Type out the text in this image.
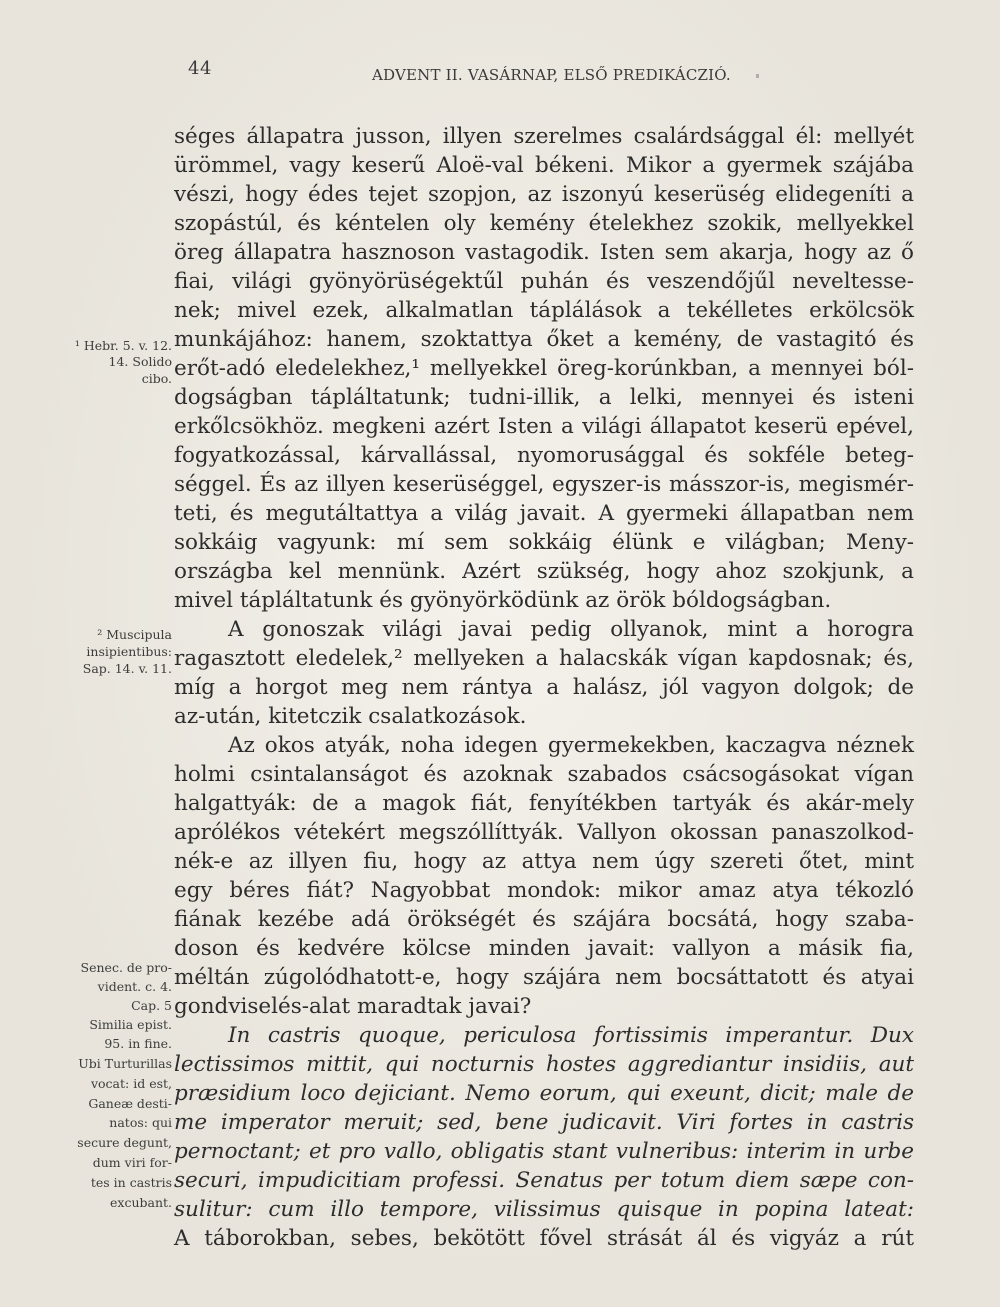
44	ADVENT II. VASÁRNAP, ELSŐ PREDIKÁCZIÓ.
séges állapatra jusson, illyen szerelmes csalárdsággal él: mellyét
ürömmel, vagy keserű Aloë-val békeni. Mikor a gyermek szájába
vészi, hogy édes tejet szopjon, az iszonyú keserüség elidegeníti a
szopástúl, és kéntelen oly kemény ételekhez szokik, mellyekkel
öreg állapatra hasznoson vastagodik. Isten sem akarja, hogy az ő
fiai, világi gyönyörüségektűl puhán és veszendőjűl neveltesse-
nek; mivel ezek, alkalmatlan táplálások a tekélletes erkölcsök
munkájához: hanem, szoktattya őket a kemény, de vastagitó és
erőt-adó eledelekhez,¹ mellyekkel öreg-korúnkban, a mennyei ból-
dogságban tápláltatunk; tudni-illik, a lelki, mennyei és isteni
erkőlcsökhöz. megkeni azért Isten a világi állapatot keserü epével,
fogyatkozással, kárvallással, nyomorusággal és sokféle beteg-
séggel. És az illyen keserüséggel, egyszer-is másszor-is, megismér-
teti, és megutáltattya a világ javait. A gyermeki állapatban nem
sokkáig vagyunk: mí sem sokkáig élünk e világban; Meny-
országba kel mennünk. Azért szükség, hogy ahoz szokjunk, a
mivel tápláltatunk és gyönyörködünk az örök bóldogságban.
A gonoszak világi javai pedig ollyanok, mint a horogra
ragasztott eledelek,² mellyeken a halacskák vígan kapdosnak; és,
míg a horgot meg nem rántya a halász, jól vagyon dolgok; de
az-után, kitetczik csalatkozások.
Az okos atyák, noha idegen gyermekekben, kaczagva néznek
holmi csintalanságot és azoknak szabados csácsogásokat vígan
halgattyák: de a magok fiát, fenyítékben tartyák és akár-mely
aprólékos vétekért megszóllíttyák. Vallyon okossan panaszolkod-
nék-e az illyen fiu, hogy az attya nem úgy szereti őtet, mint
egy béres fiát? Nagyobbat mondok: mikor amaz atya tékozló
fiának kezébe adá örökségét és szájára bocsátá, hogy szaba-
doson és kedvére kölcse minden javait: vallyon a másik fia,
méltán zúgolódhatott-e, hogy szájára nem bocsáttatott és atyai
gondviselés-alat maradtak javai?
In castris quoque, periculosa fortissimis imperantur. Dux
lectissimos mittit, qui nocturnis hostes aggrediantur insidiis, aut
præsidium loco dejiciant. Nemo eorum, qui exeunt, dicit; male de
me imperator meruit; sed, bene judicavit. Viri fortes in castris
pernoctant; et pro vallo, obligatis stant vulneribus: interim in urbe
securi, impudicitiam professi. Senatus per totum diem sæpe con-
sulitur: cum illo tempore, vilissimus quisque in popina lateat:
A táborokban, sebes, bekötött fővel strását ál és vigyáz a rút
¹ Hebr. 5. v. 12.
14. Solido
cibo.
² Muscipula
insipientibus:
Sap. 14. v. 11.
Senec. de pro-
vident. c. 4.
Cap. 5
Similia epist.
95. in fine.
Ubi Turturillas
vocat: id est,
Ganeæ desti-
natos: qui
secure degunt,
dum viri for-
tes in castris
excubant.
